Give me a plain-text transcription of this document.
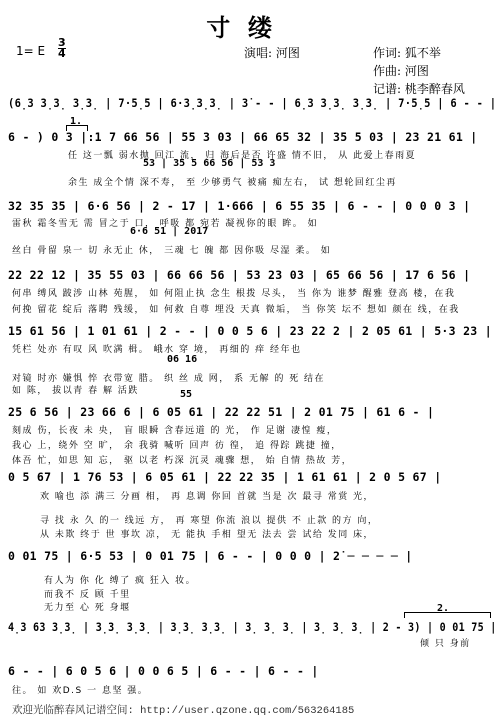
寸缕
1= E $\frac{3}{4}$	演唱: 河图	作词: 狐不举
作曲: 河图
记谱: 桃李醉春风
(6̣3 3̣3̣ 3̣3̣ | 7·5̣5 | 6·3̣3̣3̣ | 3̇ - - | 6̣3 3̣3̣ 3̣3̣ | 7·5̣5 | 6 - - |
6 - ) 0 3 |:1 7 66 56 | 55 3 03 | 66 65 32 | 35 5 03 | 23 21 61 |
32 35 35 | 6·6 56 | 2 - 17 | 1·666 | 6 55 35 | 6 - - | 0 0 0 3 |
22 22 12 | 35 55 03 | 66 66 56 | 53 23 03 | 65 66 56 | 17 6 56 |
15 61 56 | 1 01 61 | 2 - - | 0 0 5 6 | 23 22 2 | 2 05 61 | 5·3 23 |
25 6 56 | 23 66 6 | 6 05 61 | 22 22 51 | 2 01 75 | 61 6 - |
0 5 67 | 1 76 53 | 6 05 61 | 22 22 35 | 1 61 61 | 2 0 5 67 |
0 01 75 | 6·5 53 | 0 01 75 | 6 - - | 0 0 0 | 2̇ ─ ─ ─ ─ |
4̣3 63 3̣3̣ | 3̣3̣ 3̣3̣ | 3̣3̣ 3̣3̣ | 3̣ 3̣ 3̣ | 3̣ 3̣ 3̣ | 2 - 3) | 0 01 75 |
6 - - | 6 0 5 6 | 0 0 6 5 | 6 - - | 6 - - |
53 | 35 5 66 56 | 53 3
6·6 51 | 2017
06 16
55
1.
2.
任 这一瓢 弱水抛 回江 流， 归 海后是否 许盛 情不旧， 从 此爱上春雨夏
余生 成全个情 深不寿， 至 少够勇气 被痛 痴左右， 试 想轮回红尘再
雷秋 霜冬雪无 需 冒之于 口， 呼吸 都 宛若 凝视你的眼 眸。 如
丝白 骨留 泉一 切 永无止 休， 三魂 七 魄 都 因你吸 尽湿 柔。 如
何串 缚风 跛涉 山林 苑腥， 如 何阻止执 念生 根拨 尽头， 当 你为 谁梦 醒雅 登高 楼，在我
何挽 留花 绽后 落聘 残缓， 如 何救 自尊 埋没 天真 微垢， 当 你笑 坛不 想如 颜在 线，在我
凭栏 处亦 有叹 风 吹满 楫。 峨水 穿 境， 再细的 痒 经年也
对镜 时亦 嫌惧 悴 衣带宽 腊。 织 丝 成 网， 系 无解 的 死 结在
如 陈， 拔以青 春 解 活跌
刻成 伤，长夜 未 央， 盲 眼瞬 含春远道 的 光， 作 足谢 凄惶 瘦，
我心 上，绕外 空 旷， 余 我骑 喊听 回声 彷 徨， 追 得踪 跳捷 撞，
体吾 忙，如思 知 忘， 驱 以老 朽深 沉灵 魂骤 想， 始 自情 热故 芳，
欢 喻也 添 满三 分画 相， 再 息调 你回 首就 当是 次 最寻 常赏 光，
寻 找 永 久 的一 线远 方， 再 寒望 你流 浪以 提供 不 止款 的方 向，
从 未欺 终于 世 事坎 凉， 无 能执 手相 望无 法去 尝 试给 发同 床，
有人为 你 化 缚了 疯 狂入 妆。
而我不 反 顾 千里
无力至 心 死 身堰
倾 只 身前
往。 如 欢D.S 一 息坚 强。
欢迎光临醉春风记谱空间: http://user.qzone.qq.com/563264185
